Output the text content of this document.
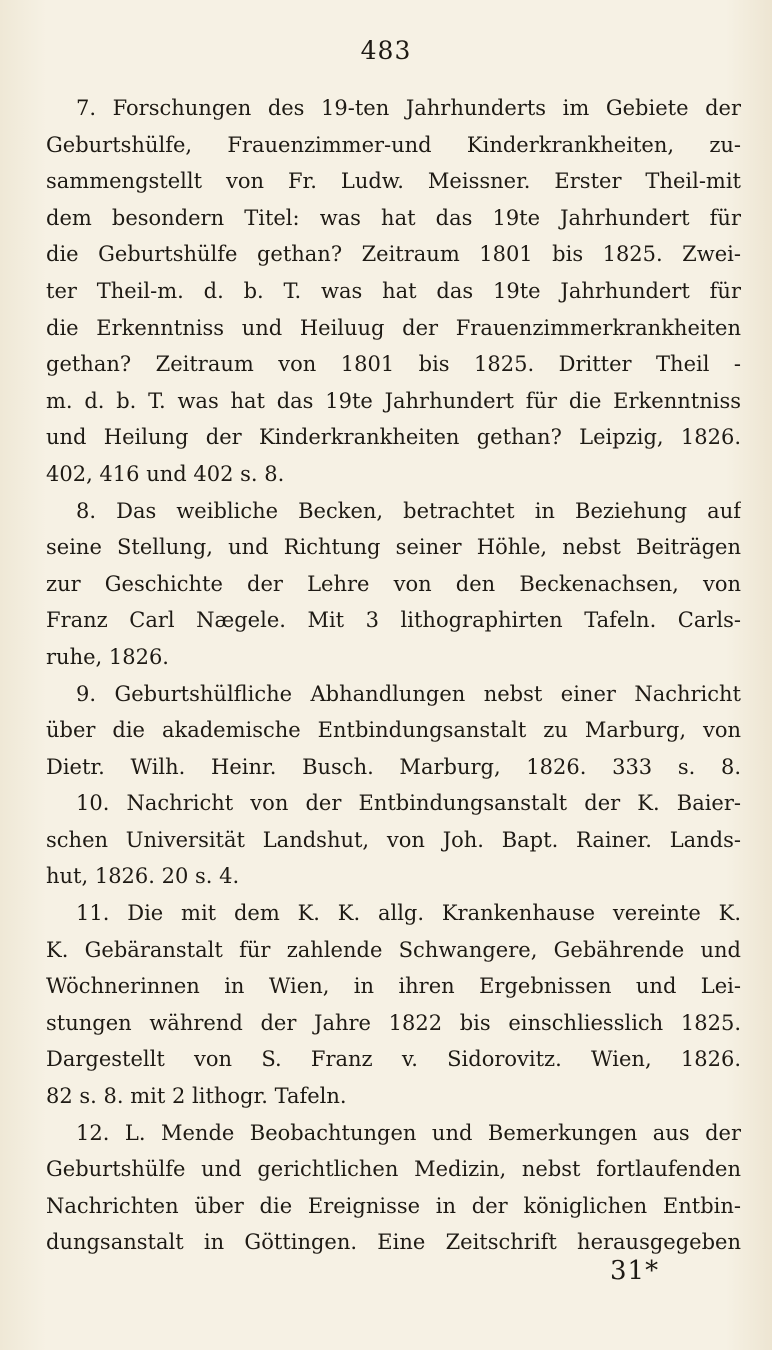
483
7. Forschungen des 19-ten Jahrhunderts im Gebiete der
Geburtshülfe, Frauenzimmer-und Kinderkrankheiten, zu-
sammengstellt von Fr. Ludw. Meissner. Erster Theil-mit
dem besondern Titel: was hat das 19te Jahrhundert für
die Geburtshülfe gethan? Zeitraum 1801 bis 1825. Zwei-
ter Theil-m. d. b. T. was hat das 19te Jahrhundert für
die Erkenntniss und Heiluug der Frauenzimmerkrankheiten
gethan? Zeitraum von 1801 bis 1825. Dritter Theil -
m. d. b. T. was hat das 19te Jahrhundert für die Erkenntniss
und Heilung der Kinderkrankheiten gethan? Leipzig, 1826.
402, 416 und 402 s. 8.
8. Das weibliche Becken, betrachtet in Beziehung auf
seine Stellung, und Richtung seiner Höhle, nebst Beiträgen
zur Geschichte der Lehre von den Beckenachsen, von
Franz Carl Nægele. Mit 3 lithographirten Tafeln. Carls-
ruhe, 1826.
9. Geburtshülfliche Abhandlungen nebst einer Nachricht
über die akademische Entbindungsanstalt zu Marburg, von
Dietr. Wilh. Heinr. Busch. Marburg, 1826. 333 s. 8.
10. Nachricht von der Entbindungsanstalt der K. Baier-
schen Universität Landshut, von Joh. Bapt. Rainer. Lands-
hut, 1826. 20 s. 4.
11. Die mit dem K. K. allg. Krankenhause vereinte K.
K. Gebäranstalt für zahlende Schwangere, Gebährende und
Wöchnerinnen in Wien, in ihren Ergebnissen und Lei-
stungen während der Jahre 1822 bis einschliesslich 1825.
Dargestellt von S. Franz v. Sidorovitz. Wien, 1826.
82 s. 8. mit 2 lithogr. Tafeln.
12. L. Mende Beobachtungen und Bemerkungen aus der
Geburtshülfe und gerichtlichen Medizin, nebst fortlaufenden
Nachrichten über die Ereignisse in der königlichen Entbin-
dungsanstalt in Göttingen. Eine Zeitschrift herausgegeben
31*
